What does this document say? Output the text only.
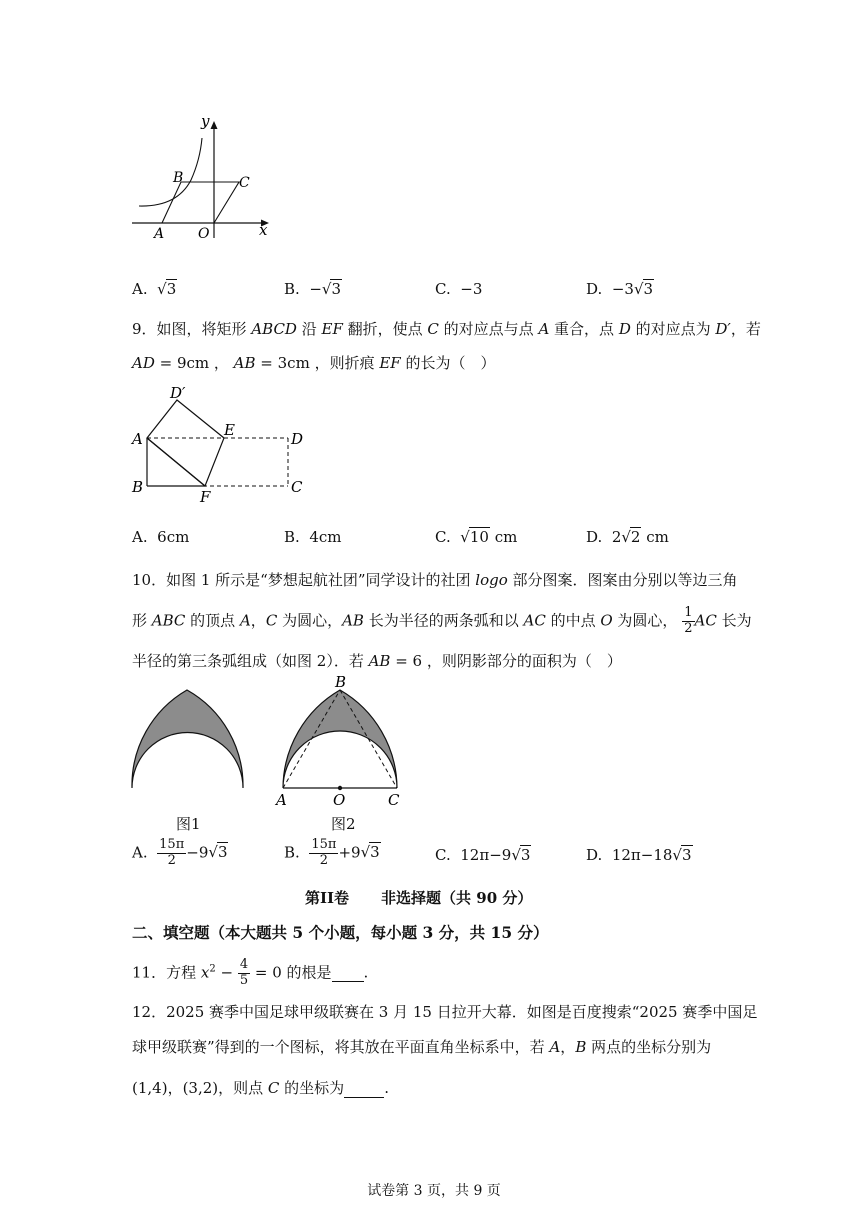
y
x
B	C
A O
A. √3	B. −√3	C. −3	D. −3√3
9．如图，将矩形 ABCD 沿 EF 翻折，使点 C 的对应点与点 A 重合，点 D 的对应点为 D′，若
AD = 9cm ， AB = 3cm ，则折痕 EF 的长为（　）
D′
A	E	D
B
F
C
A. 6cm	B. 4cm	C. √10 cm	D. 2√2 cm
10．如图 1 所示是“梦想起航社团”同学设计的社团 logo 部分图案．图案由分别以等边三角
形 ABC 的顶点 A，C 为圆心，AB 长为半径的两条弧和以 AC 的中点 O 为圆心， $\frac{1}{2}$ AC 长为
半径的第三条弧组成（如图 2）．若 AB = 6 ，则阴影部分的面积为（　）
图1
B
A	O	C
图2
A. $\frac{15\pi}{2} -9√3$	B. $\frac{15\pi}{2} +9√3$	C. 12π−9√3	D. 12π−18√3
第II卷 非选择题（共 90 分）
二、填空题（本大题共 5 个小题，每小题 3 分，共 15 分）
11．方程 $x^2 - \frac{4}{5} = 0$ 的根是 .
12．2025 赛季中国足球甲级联赛在 3 月 15 日拉开大幕．如图是百度搜索“2025 赛季中国足
球甲级联赛”得到的一个图标，将其放在平面直角坐标系中，若 A，B 两点的坐标分别为
(1,4)，(3,2)，则点 C 的坐标为	.
试卷第 3 页，共 9 页
